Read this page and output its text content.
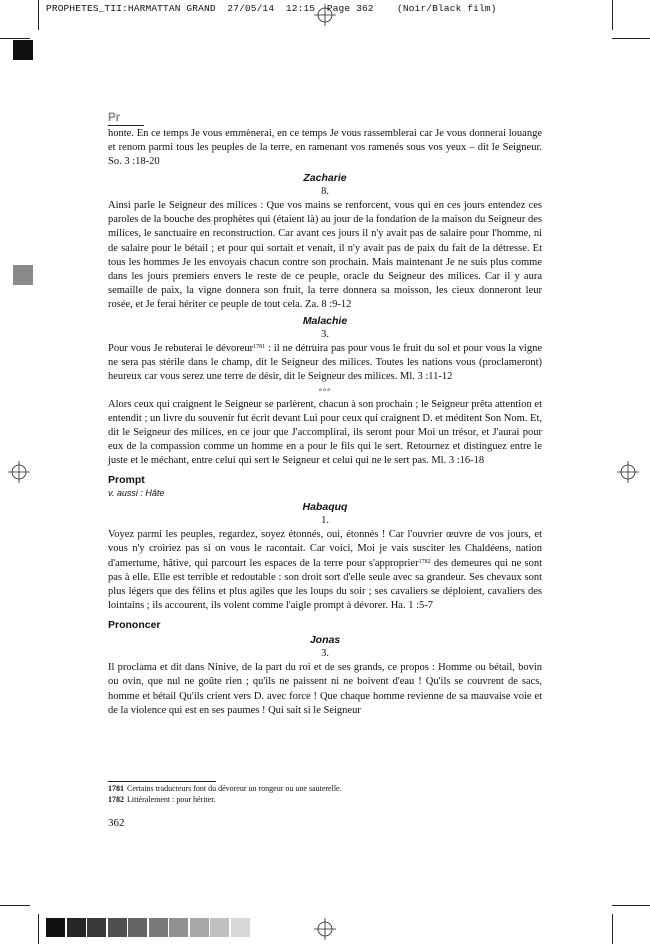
PROPHETES_TII:HARMATTAN GRAND  27/05/14  12:15  Page 362    (Noir/Black film)
Pr

honte. En ce temps Je vous emmènerai, en ce temps Je vous rassemblerai car Je vous donnerai louange et renom parmi tous les peuples de la terre, en ramenant vos ramenés sous vos yeux – dit le Seigneur. So. 3 :18-20

Zacharie
8.

Ainsi parle le Seigneur des milices : Que vos mains se renforcent, vous qui en ces jours entendez ces paroles de la bouche des prophètes qui (étaient là) au jour de la fondation de la maison du Seigneur des milices, le sanctuaire en reconstruction. Car avant ces jours il n'y avait pas de salaire pour l'homme, ni de salaire pour le bétail ; et pour qui sortait et venait, il n'y avait pas de paix du fait de la détresse. Et tous les hommes Je les envoyais chacun contre son prochain. Mais maintenant Je ne suis plus comme dans les jours premiers envers le reste de ce peuple, oracle du Seigneur des milices. Car il y aura semaille de paix, la vigne donnera son fruit, la terre donnera sa moisson, les cieux donneront leur rosée, et Je ferai hériter ce peuple de tout cela. Za. 8 :9-12

Malachie
3.

Pour vous Je rebuterai le dévoreur$^{1781}$ : il ne détruira pas pour vous le fruit du sol et pour vous la vigne ne sera pas stérile dans le champ, dit le Seigneur des milices. Toutes les nations vous (proclameront) heureux car vous serez une terre de désir, dit le Seigneur des milices. Ml. 3 :11-12

°°°

Alors ceux qui craignent le Seigneur se parlèrent, chacun à son prochain ; le Seigneur prêta attention et entendit ; un livre du souvenir fut écrit devant Lui pour ceux qui craignent D. et méditent Son Nom. Et, dit le Seigneur des milices, en ce jour que J'accomplirai, ils seront pour Moi un trésor, et J'aurai pour eux de la compassion comme un homme en a pour le fils qui le sert. Retournez et distinguez entre le juste et le méchant, entre celui qui sert le Seigneur et celui qui ne le sert pas. Ml. 3 :16-18

Prompt
v. aussi : Hâte
Habaquq
1.

Voyez parmi les peuples, regardez, soyez étonnés, oui, étonnés ! Car l'ouvrier œuvre de vos jours, et vous n'y croiriez pas si on vous le racontait. Car voici, Moi je vais susciter les Chaldéens, nation d'amertume, hâtive, qui parcourt les espaces de la terre pour s'approprier$^{1782}$ des demeures qui ne sont pas à elle. Elle est terrible et redoutable : son droit sort d'elle seule avec sa grandeur. Ses chevaux sont plus légers que des félins et plus agiles que les loups du soir ; ses cavaliers se déploient, cavaliers des lointains ; ils accourent, ils volent comme l'aigle prompt à dévorer. Ha. 1 :5-7

Prononcer
Jonas
3.

Il proclama et dit dans Ninive, de la part du roi et de ses grands, ce propos : Homme ou bétail, bovin ou ovin, que nul ne goûte rien ; qu'ils ne paissent ni ne boivent d'eau ! Qu'ils se couvrent de sacs, homme et bétail Qu'ils crient vers D. avec force ! Que chaque homme revienne de sa mauvaise voie et de la violence qui est en ses paumes ! Qui sait si le Seigneur

1781 Certains traducteurs font du dévoreur un rongeur ou une sauterelle.
1782 Littéralement : pour hériter.
362
